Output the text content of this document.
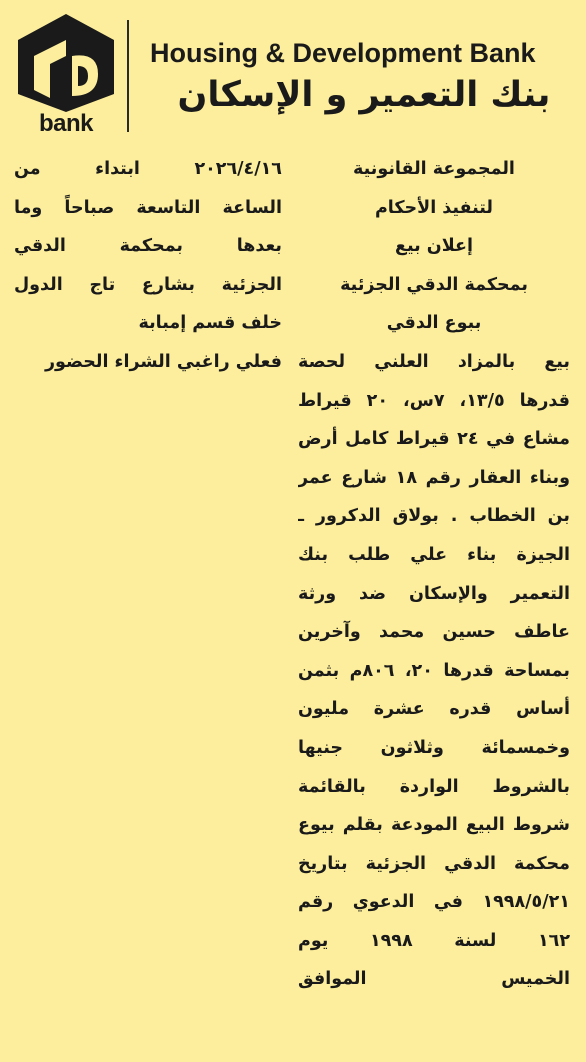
bank
Housing & Development Bank
بنك التعمير و الإسكان
المجموعة القانونية
لتنفيذ الأحكام
إعلان بيع
بمحكمة الدقي الجزئية
ببوع الدقي
بيع بالمزاد العلني لحصة
قدرها ١٣/٥، ٧س، ٢٠ قيراط
مشاع في ٢٤ قيراط كامل أرض
وبناء العقار رقم ١٨ شارع عمر
بن الخطاب . بولاق الدكرور ـ
الجيزة بناء علي طلب بنك
التعمير والإسكان ضد ورثة
عاطف حسين محمد وآخرين
بمساحة قدرها ٢٠، ٨٠٦م بثمن
أساس قدره عشرة مليون
وخمسمائة وثلاثون جنيها
بالشروط الواردة بالقائمة
شروط البيع المودعة بقلم بيوع
محكمة الدقي الجزئية بتاريخ
١٩٩٨/٥/٢١ في الدعوي رقم
١٦٢ لسنة ١٩٩٨ يوم
الخميس الموافق
٢٠٢٦/٤/١٦ ابتداء من
الساعة التاسعة صباحاً وما
بعدها بمحكمة الدقي
الجزئية بشارع تاج الدول
خلف قسم إمبابة
فعلي راغبي الشراء الحضور
